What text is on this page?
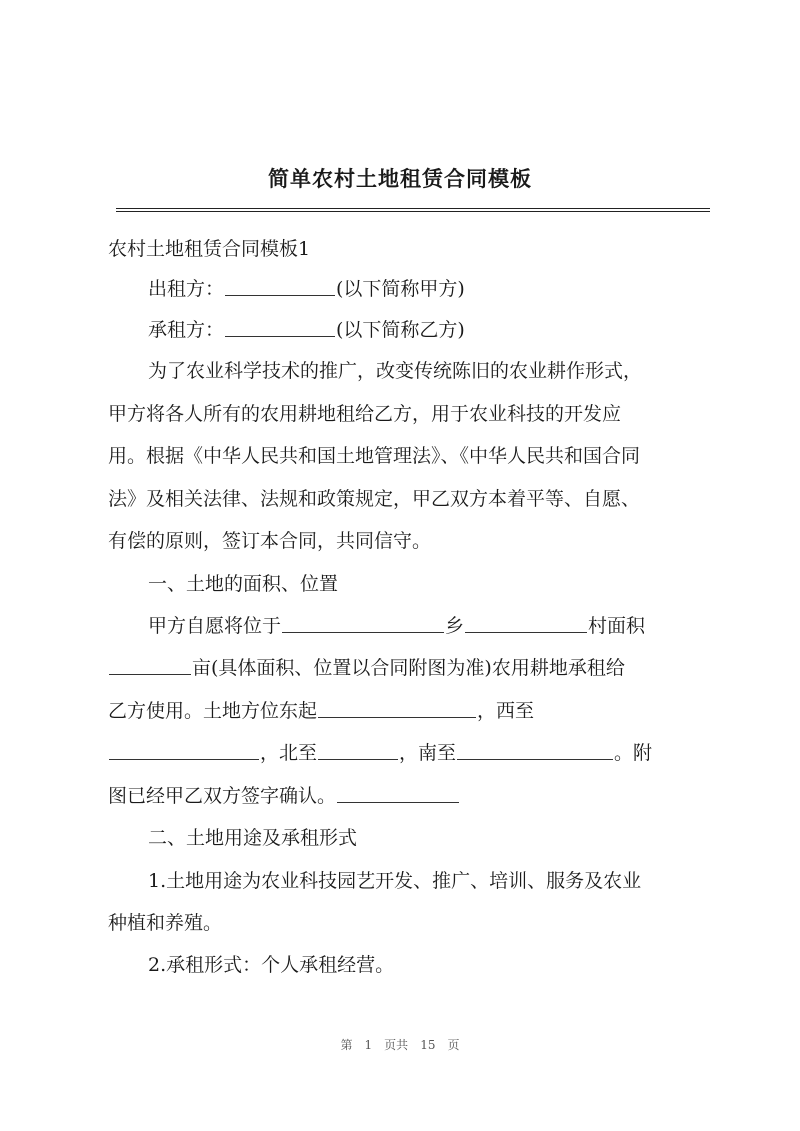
简单农村土地租赁合同模板

农村土地租赁合同模板1

出租方：	(以下简称甲方)

承租方：	(以下简称乙方)

为了农业科学技术的推广，改变传统陈旧的农业耕作形式，

甲方将各人所有的农用耕地租给乙方，用于农业科技的开发应

用。根据《中华人民共和国土地管理法》、《中华人民共和国合同

法》及相关法律、法规和政策规定，甲乙双方本着平等、自愿、

有偿的原则，签订本合同，共同信守。

一、土地的面积、位置

甲方自愿将位于	乡	村面积

亩(具体面积、位置以合同附图为准)农用耕地承租给

乙方使用。土地方位东起	，西至

，北至	，南至	。附

图已经甲乙双方签字确认。

二、土地用途及承租形式

1.土地用途为农业科技园艺开发、推广、培训、服务及农业

种植和养殖。

2.承租形式：个人承租经营。

第 1 页共 15 页
